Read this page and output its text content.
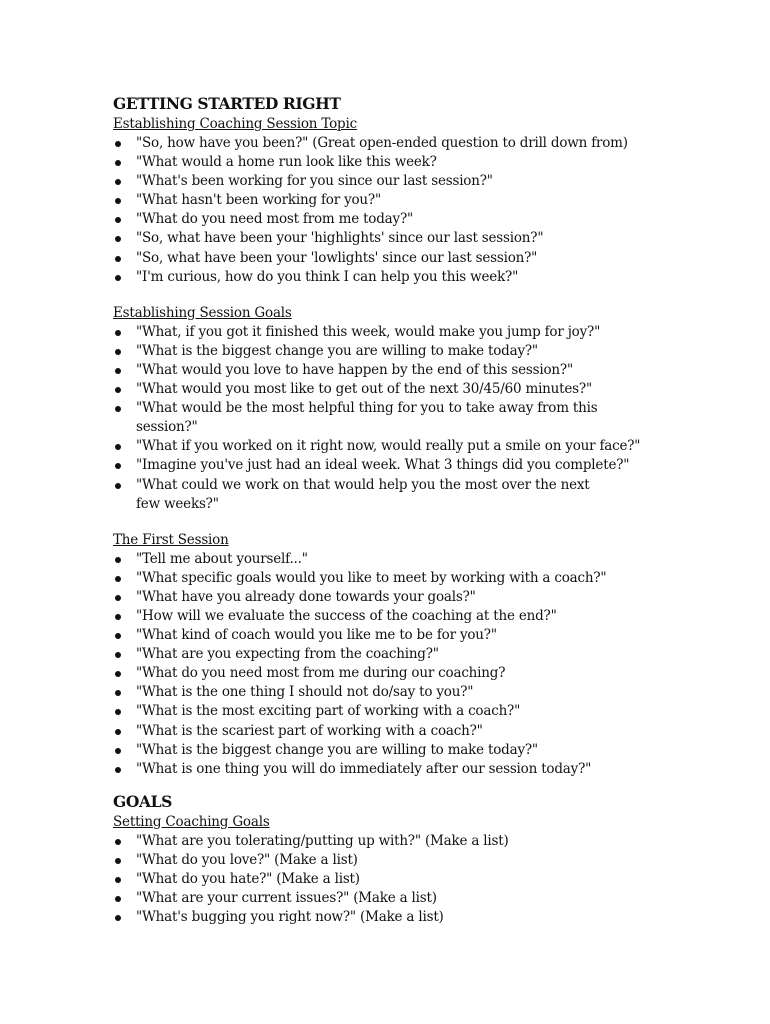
GETTING STARTED RIGHT

Establishing Coaching Session Topic

"So, how have you been?" (Great open-ended question to drill down from)
"What would a home run look like this week?
"What's been working for you since our last session?"
"What hasn't been working for you?"
"What do you need most from me today?"
"So, what have been your 'highlights' since our last session?"
"So, what have been your 'lowlights' since our last session?"
"I'm curious, how do you think I can help you this week?"

Establishing Session Goals

"What, if you got it finished this week, would make you jump for joy?"
"What is the biggest change you are willing to make today?"
"What would you love to have happen by the end of this session?"
"What would you most like to get out of the next 30/45/60 minutes?"
"What would be the most helpful thing for you to take away from this session?"
"What if you worked on it right now, would really put a smile on your face?"
"Imagine you've just had an ideal week. What 3 things did you complete?"
"What could we work on that would help you the most over the next few weeks?"

The First Session

"Tell me about yourself..."
"What specific goals would you like to meet by working with a coach?"
"What have you already done towards your goals?"
"How will we evaluate the success of the coaching at the end?"
"What kind of coach would you like me to be for you?"
"What are you expecting from the coaching?"
"What do you need most from me during our coaching?
"What is the one thing I should not do/say to you?"
"What is the most exciting part of working with a coach?"
"What is the scariest part of working with a coach?"
"What is the biggest change you are willing to make today?"
"What is one thing you will do immediately after our session today?"
GOALS

Setting Coaching Goals

"What are you tolerating/putting up with?" (Make a list)
"What do you love?" (Make a list)
"What do you hate?" (Make a list)
"What are your current issues?" (Make a list)
"What's bugging you right now?" (Make a list)
